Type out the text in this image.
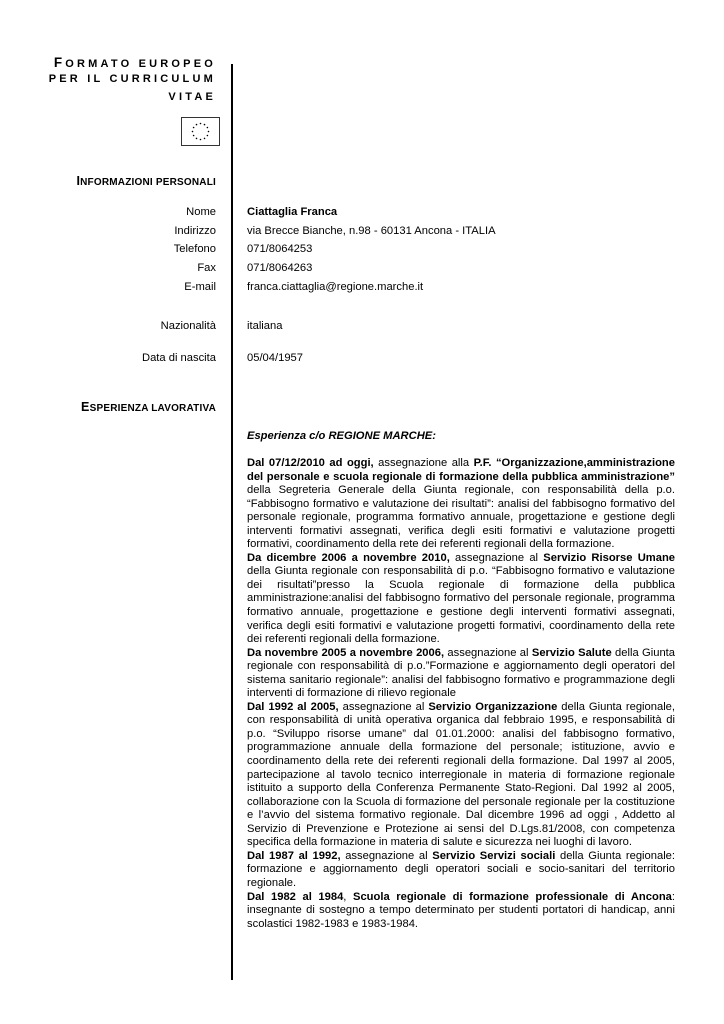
FORMATO EUROPEO
PER IL CURRICULUM
VITAE
INFORMAZIONI PERSONALI
Nome	Ciattaglia Franca
Indirizzo	via Brecce Bianche, n.98 - 60131 Ancona - ITALIA
Telefono	071/8064253
Fax	071/8064263
E-mail	franca.ciattaglia@regione.marche.it
Nazionalità	italiana
Data di nascita	05/04/1957
ESPERIENZA LAVORATIVA
Esperienza c/o REGIONE MARCHE:

Dal 07/12/2010 ad oggi, assegnazione alla P.F. “Organizzazione,amministrazione del personale e scuola regionale di formazione della pubblica amministrazione” della Segreteria Generale della Giunta regionale, con responsabilità della p.o. “Fabbisogno formativo e valutazione dei risultati”: analisi del fabbisogno formativo del personale regionale, programma formativo annuale, progettazione e gestione degli interventi formativi assegnati, verifica degli esiti formativi e valutazione progetti formativi, coordinamento della rete dei referenti regionali della formazione.

Da dicembre 2006 a novembre 2010, assegnazione al Servizio Risorse Umane della Giunta regionale con responsabilità di p.o. “Fabbisogno formativo e valutazione dei risultati”presso la Scuola regionale di formazione della pubblica amministrazione:analisi del fabbisogno formativo del personale regionale, programma formativo annuale, progettazione e gestione degli interventi formativi assegnati, verifica degli esiti formativi e valutazione progetti formativi, coordinamento della rete dei referenti regionali della formazione.

Da novembre 2005 a novembre 2006, assegnazione al Servizio Salute della Giunta regionale con responsabilità di p.o.”Formazione e aggiornamento degli operatori del sistema sanitario regionale”: analisi del fabbisogno formativo e programmazione degli interventi di formazione di rilievo regionale

Dal 1992 al 2005, assegnazione al Servizio Organizzazione della Giunta regionale, con responsabilità di unità operativa organica dal febbraio 1995, e responsabilità di p.o. “Sviluppo risorse umane” dal 01.01.2000: analisi del fabbisogno formativo, programmazione annuale della formazione del personale; istituzione, avvio e coordinamento della rete dei referenti regionali della formazione. Dal 1997 al 2005, partecipazione al tavolo tecnico interregionale in materia di formazione regionale istituito a supporto della Conferenza Permanente Stato-Regioni. Dal 1992 al 2005, collaborazione con la Scuola di formazione del personale regionale per la costituzione e l’avvio del sistema formativo regionale. Dal dicembre 1996 ad oggi , Addetto al Servizio di Prevenzione e Protezione ai sensi del D.Lgs.81/2008, con competenza specifica della formazione in materia di salute e sicurezza nei luoghi di lavoro.

Dal 1987 al 1992, assegnazione al Servizio Servizi sociali della Giunta regionale: formazione e aggiornamento degli operatori sociali e socio-sanitari del territorio regionale.

Dal 1982 al 1984, Scuola regionale di formazione professionale di Ancona: insegnante di sostegno a tempo determinato per studenti portatori di handicap, anni scolastici 1982-1983 e 1983-1984.
